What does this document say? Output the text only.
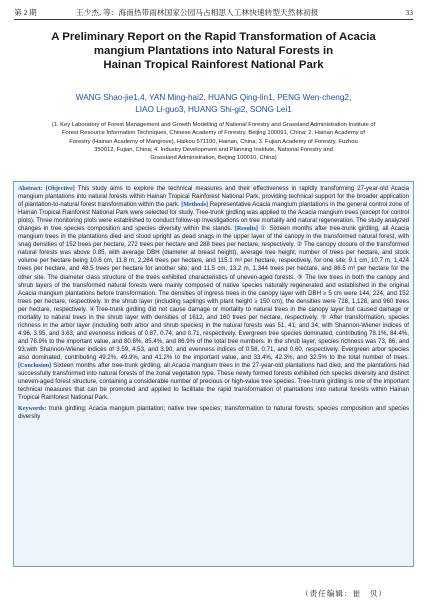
第 2 期	王少杰, 等：海南热带雨林国家公园马占相思人工林快速转型天然林初报	33
A Preliminary Report on the Rapid Transformation of Acacia
mangium Plantations into Natural Forests in
Hainan Tropical Rainforest National Park
WANG Shao-jie1,4, YAN Ming-hai2, HUANG Qing-lin1, PENG Wen-cheng2,
LIAO Li-guo3, HUANG Shi-gi2, SONG Lei1
(1. Key Laboratory of Forest Management and Growth Modelling of National Forestry and Grassland Administration Institute of
Forest Resource Information Techniques, Chinese Academy of Forestry, Beijing 100091, China; 2. Hainan Academy of
Forestry (Hainan Academy of Mangrove), Haikou 571100, Hainan, China; 3. Fujian Academy of Forestry, Fuzhou
350012, Fujian, China; 4. Industry Development and Planning Institute, National Forestry and
Grassland Administration, Beijing 100010, China)
Abstract: [Objective] This study aims to explore the technical measures and their effectiveness in rapidly transforming 27-year-old Acacia mangium plantations into natural forests within Hainan Tropical Rainforest National Park, providing technical support for the broader application of plantation-to-natural forest transformation within the park. [Methods] Representative Acacia mangium plantations in the general control zone of Hainan Tropical Rainforest National Park were selected for study. Tree-trunk girdling was applied to the Acacia mangium trees (except for control plots). Three monitoring plots were established to conduct follow-up investigations on tree mortality and natural regeneration. The study analyzed changes in tree species composition and species diversity within the stands. [Results] ① Sixteen months after tree-trunk girdling, all Acacia mangium trees in the plantations died and stood upright as dead snags in the upper layer of the canopy in the transformed natural forest, with snag densities of 152 trees per hectare, 272 trees per hectare and 288 trees per hectare, respectively. ② The canopy closure of the transformed natural forests was above 0.85, with average DBH (diameter at breast height), average tree height, number of trees per hectare, and stock volume per hectare being 10.6 cm, 11.8 m, 2,264 trees per hectare, and 115.1 m³ per hectare, respectively, for one site; 9.1 cm, 10.7 m, 1,424 trees per hectare, and 48.5 trees per hectare for another site; and 11.5 cm, 13.2 m, 1,344 trees per hectare, and 86.5 m³ per hectare for the other site. The diameter class structure of the trees exhibited characteristics of uneven-aged forests. ③ The live trees in both the canopy and shrub layers of the transformed natural forests were mainly composed of native species naturally regenerated and established in the original Acacia mangium plantations before transformation. The densities of ingress trees in the canopy layer with DBH ≥ 5 cm were 144, 224, and 152 trees per hectare, respectively. In the shrub layer (including saplings with plant height ≥ 150 cm), the densities were 728, 1,128, and 960 trees per hectare, respectively. ④Tree-trunk girdling did not cause damage or mortality to natural trees in the canopy layer but caused damage or mortality to natural trees in the shrub layer with densities of 1612, and 160 trees per hectare, respectively. ⑤ After transformation, species richness in the arbor layer (including both arbor and shrub species) in the natural forests was 51, 41, and 34, with Shannon-Wiener indices of 4.96, 3.95, and 3.63, and evenness indices of 0.87, 0.74, and 0.71, respectively. Evergreen tree species dominated, contributing 78.1%, 84.4%, and 78.9% to the important value, and 80.6%, 85.4%, and 86.9% of the total tree numbers. In the shrub layer, species richness was 73, 86, and 93,with Shannon-Wiener indices of 3.59, 4.53, and 3.90, and evenness indices of 0.58, 0.71, and 0.60, respectively. Evergreen arbor species also dominated, contributing 49.2%, 49.9%, and 41.2% to the important value, and 33.4%, 42.3%, and 32.5% to the total number of trees. [Conclusion] Sixteen months after tree-trunk girdling, all Acacia mangium trees in the 27-year-old plantations had died, and the plantations had successfully transformed into natural forests of the zonal vegetation type. These newly formed forests exhibited rich species diversity and distinct uneven-aged forest structure, containing a considerable number of precious or high-value tree species. Tree-trunk girdling is one of the important technical measures that can be promoted and applied to facilitate the rapid transformation of plantations into natural forests within Hainan Tropical Rainforest National Park.
Keywords: trunk girdling; Acacia mangium plantation; native tree species; transformation to natural forests; species composition and species diversity
（责任编辑：崔　贝）
